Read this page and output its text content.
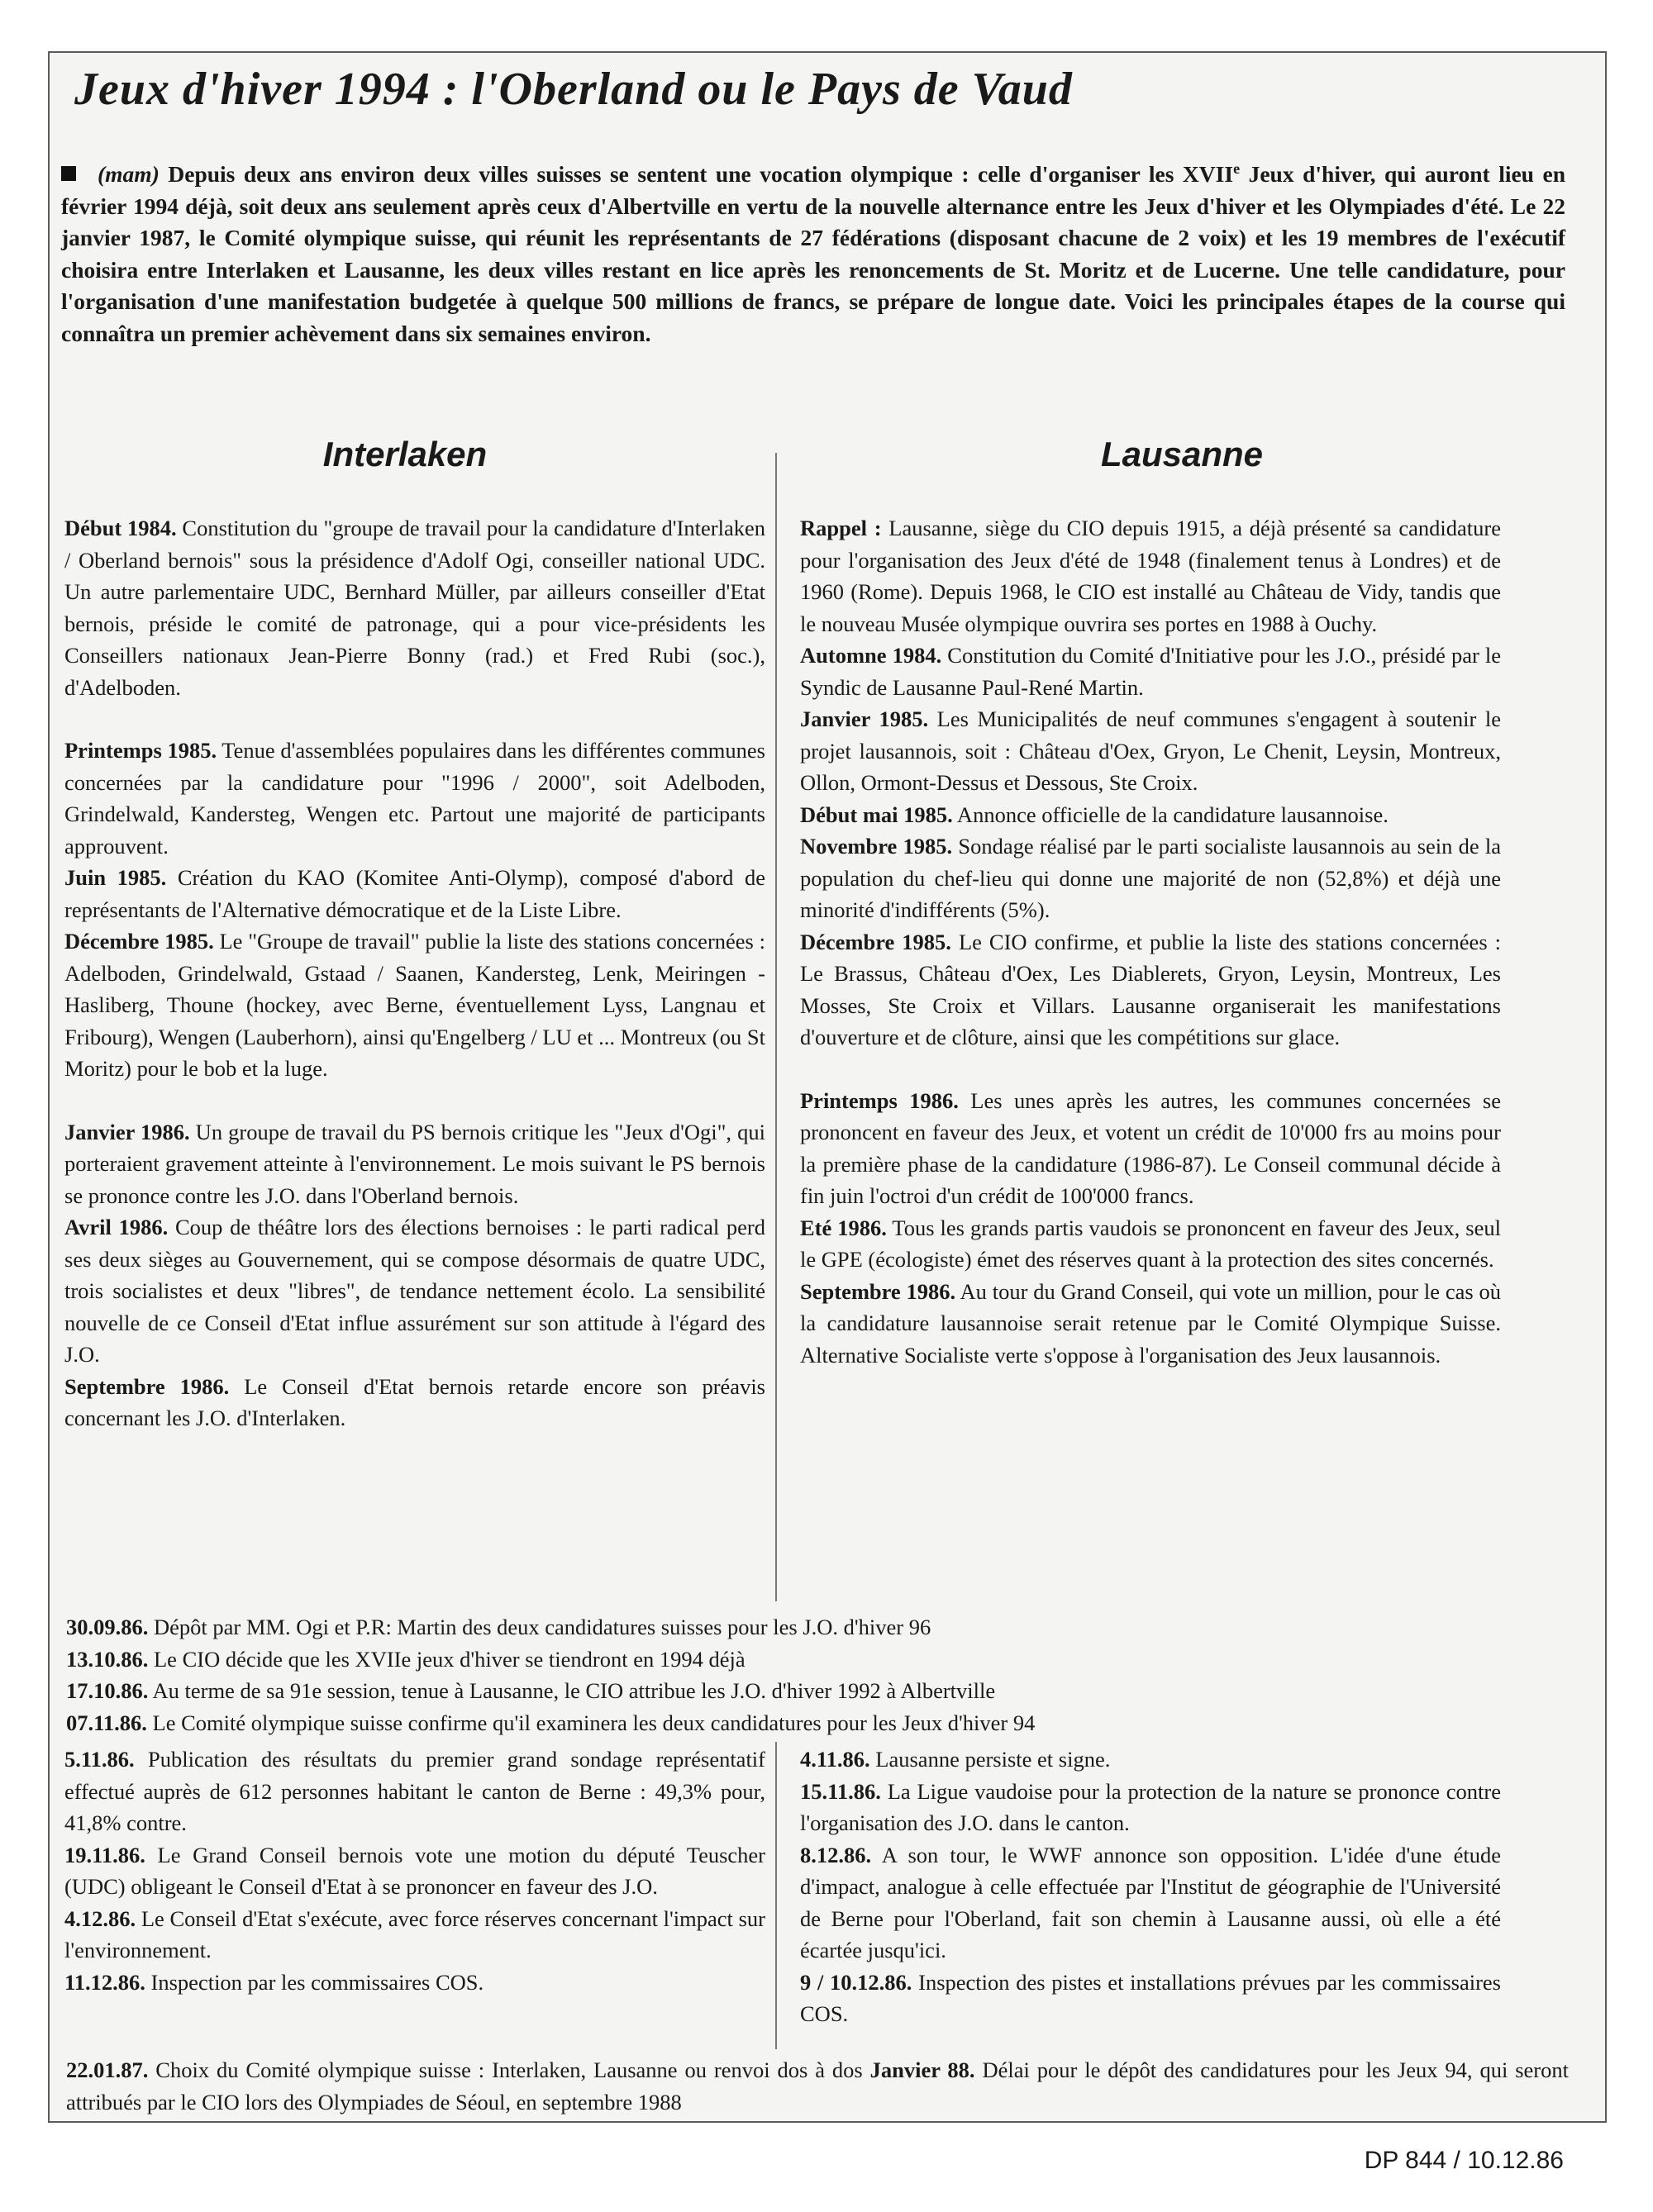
Jeux d'hiver 1994 : l'Oberland ou le Pays de Vaud
(mam) Depuis deux ans environ deux villes suisses se sentent une vocation olympique : celle d'organiser les XVIIe Jeux d'hiver, qui auront lieu en février 1994 déjà, soit deux ans seulement après ceux d'Albertville en vertu de la nouvelle alternance entre les Jeux d'hiver et les Olympiades d'été. Le 22 janvier 1987, le Comité olympique suisse, qui réunit les représentants de 27 fédérations (disposant chacune de 2 voix) et les 19 membres de l'exécutif choisira entre Interlaken et Lausanne, les deux villes restant en lice après les renoncements de St. Moritz et de Lucerne. Une telle candidature, pour l'organisation d'une manifestation budgetée à quelque 500 millions de francs, se prépare de longue date. Voici les principales étapes de la course qui connaîtra un premier achèvement dans six semaines environ.
Interlaken	Lausanne

Début 1984. Constitution du "groupe de travail pour la candidature d'Interlaken / Oberland bernois" sous la présidence d'Adolf Ogi, conseiller national UDC. Un autre parlementaire UDC, Bernhard Müller, par ailleurs conseiller d'Etat bernois, préside le comité de patronage, qui a pour vice-présidents les Conseillers nationaux Jean-Pierre Bonny (rad.) et Fred Rubi (soc.), d'Adelboden.

Printemps 1985. Tenue d'assemblées populaires dans les différentes communes concernées par la candidature pour "1996 / 2000", soit Adelboden, Grindelwald, Kandersteg, Wengen etc. Partout une majorité de participants approuvent.

Juin 1985. Création du KAO (Komitee Anti-Olymp), composé d'abord de représentants de l'Alternative démocratique et de la Liste Libre.

Décembre 1985. Le "Groupe de travail" publie la liste des stations concernées : Adelboden, Grindelwald, Gstaad / Saanen, Kandersteg, Lenk, Meiringen - Hasliberg, Thoune (hockey, avec Berne, éventuellement Lyss, Langnau et Fribourg), Wengen (Lauberhorn), ainsi qu'Engelberg / LU et ... Montreux (ou St Moritz) pour le bob et la luge.

Janvier 1986. Un groupe de travail du PS bernois critique les "Jeux d'Ogi", qui porteraient gravement atteinte à l'environnement. Le mois suivant le PS bernois se prononce contre les J.O. dans l'Oberland bernois.

Avril 1986. Coup de théâtre lors des élections bernoises : le parti radical perd ses deux sièges au Gouvernement, qui se compose désormais de quatre UDC, trois socialistes et deux "libres", de tendance nettement écolo. La sensibilité nouvelle de ce Conseil d'Etat influe assurément sur son attitude à l'égard des J.O.

Septembre 1986. Le Conseil d'Etat bernois retarde encore son préavis concernant les J.O. d'Interlaken.

Rappel : Lausanne, siège du CIO depuis 1915, a déjà présenté sa candidature pour l'organisation des Jeux d'été de 1948 (finalement tenus à Londres) et de 1960 (Rome). Depuis 1968, le CIO est installé au Château de Vidy, tandis que le nouveau Musée olympique ouvrira ses portes en 1988 à Ouchy.

Automne 1984. Constitution du Comité d'Initiative pour les J.O., présidé par le Syndic de Lausanne Paul-René Martin.

Janvier 1985. Les Municipalités de neuf communes s'engagent à soutenir le projet lausannois, soit : Château d'Oex, Gryon, Le Chenit, Leysin, Montreux, Ollon, Ormont-Dessus et Dessous, Ste Croix.

Début mai 1985. Annonce officielle de la candidature lausannoise.

Novembre 1985. Sondage réalisé par le parti socialiste lausannois au sein de la population du chef-lieu qui donne une majorité de non (52,8%) et déjà une minorité d'indifférents (5%).

Décembre 1985. Le CIO confirme, et publie la liste des stations concernées : Le Brassus, Château d'Oex, Les Diablerets, Gryon, Leysin, Montreux, Les Mosses, Ste Croix et Villars. Lausanne organiserait les manifestations d'ouverture et de clôture, ainsi que les compétitions sur glace.

Printemps 1986. Les unes après les autres, les communes concernées se prononcent en faveur des Jeux, et votent un crédit de 10'000 frs au moins pour la première phase de la candidature (1986-87). Le Conseil communal décide à fin juin l'octroi d'un crédit de 100'000 francs.

Eté 1986. Tous les grands partis vaudois se prononcent en faveur des Jeux, seul le GPE (écologiste) émet des réserves quant à la protection des sites concernés.

Septembre 1986. Au tour du Grand Conseil, qui vote un million, pour le cas où la candidature lausannoise serait retenue par le Comité Olympique Suisse. Alternative Socialiste verte s'oppose à l'organisation des Jeux lausannois.

30.09.86. Dépôt par MM. Ogi et P.R: Martin des deux candidatures suisses pour les J.O. d'hiver 96

13.10.86. Le CIO décide que les XVIIe jeux d'hiver se tiendront en 1994 déjà

17.10.86. Au terme de sa 91e session, tenue à Lausanne, le CIO attribue les J.O. d'hiver 1992 à Albertville

07.11.86. Le Comité olympique suisse confirme qu'il examinera les deux candidatures pour les Jeux d'hiver 94

5.11.86. Publication des résultats du premier grand sondage représentatif effectué auprès de 612 personnes habitant le canton de Berne : 49,3% pour, 41,8% contre.

19.11.86. Le Grand Conseil bernois vote une motion du député Teuscher (UDC) obligeant le Conseil d'Etat à se prononcer en faveur des J.O.

4.12.86. Le Conseil d'Etat s'exécute, avec force réserves concernant l'impact sur l'environnement.

11.12.86. Inspection par les commissaires COS.

4.11.86. Lausanne persiste et signe.

15.11.86. La Ligue vaudoise pour la protection de la nature se prononce contre l'organisation des J.O. dans le canton.

8.12.86. A son tour, le WWF annonce son opposition. L'idée d'une étude d'impact, analogue à celle effectuée par l'Institut de géographie de l'Université de Berne pour l'Oberland, fait son chemin à Lausanne aussi, où elle a été écartée jusqu'ici.

9 / 10.12.86. Inspection des pistes et installations prévues par les commissaires COS.

22.01.87. Choix du Comité olympique suisse : Interlaken, Lausanne ou renvoi dos à dos Janvier 88. Délai pour le dépôt des candidatures pour les Jeux 94, qui seront attribués par le CIO lors des Olympiades de Séoul, en septembre 1988
DP 844 / 10.12.86
